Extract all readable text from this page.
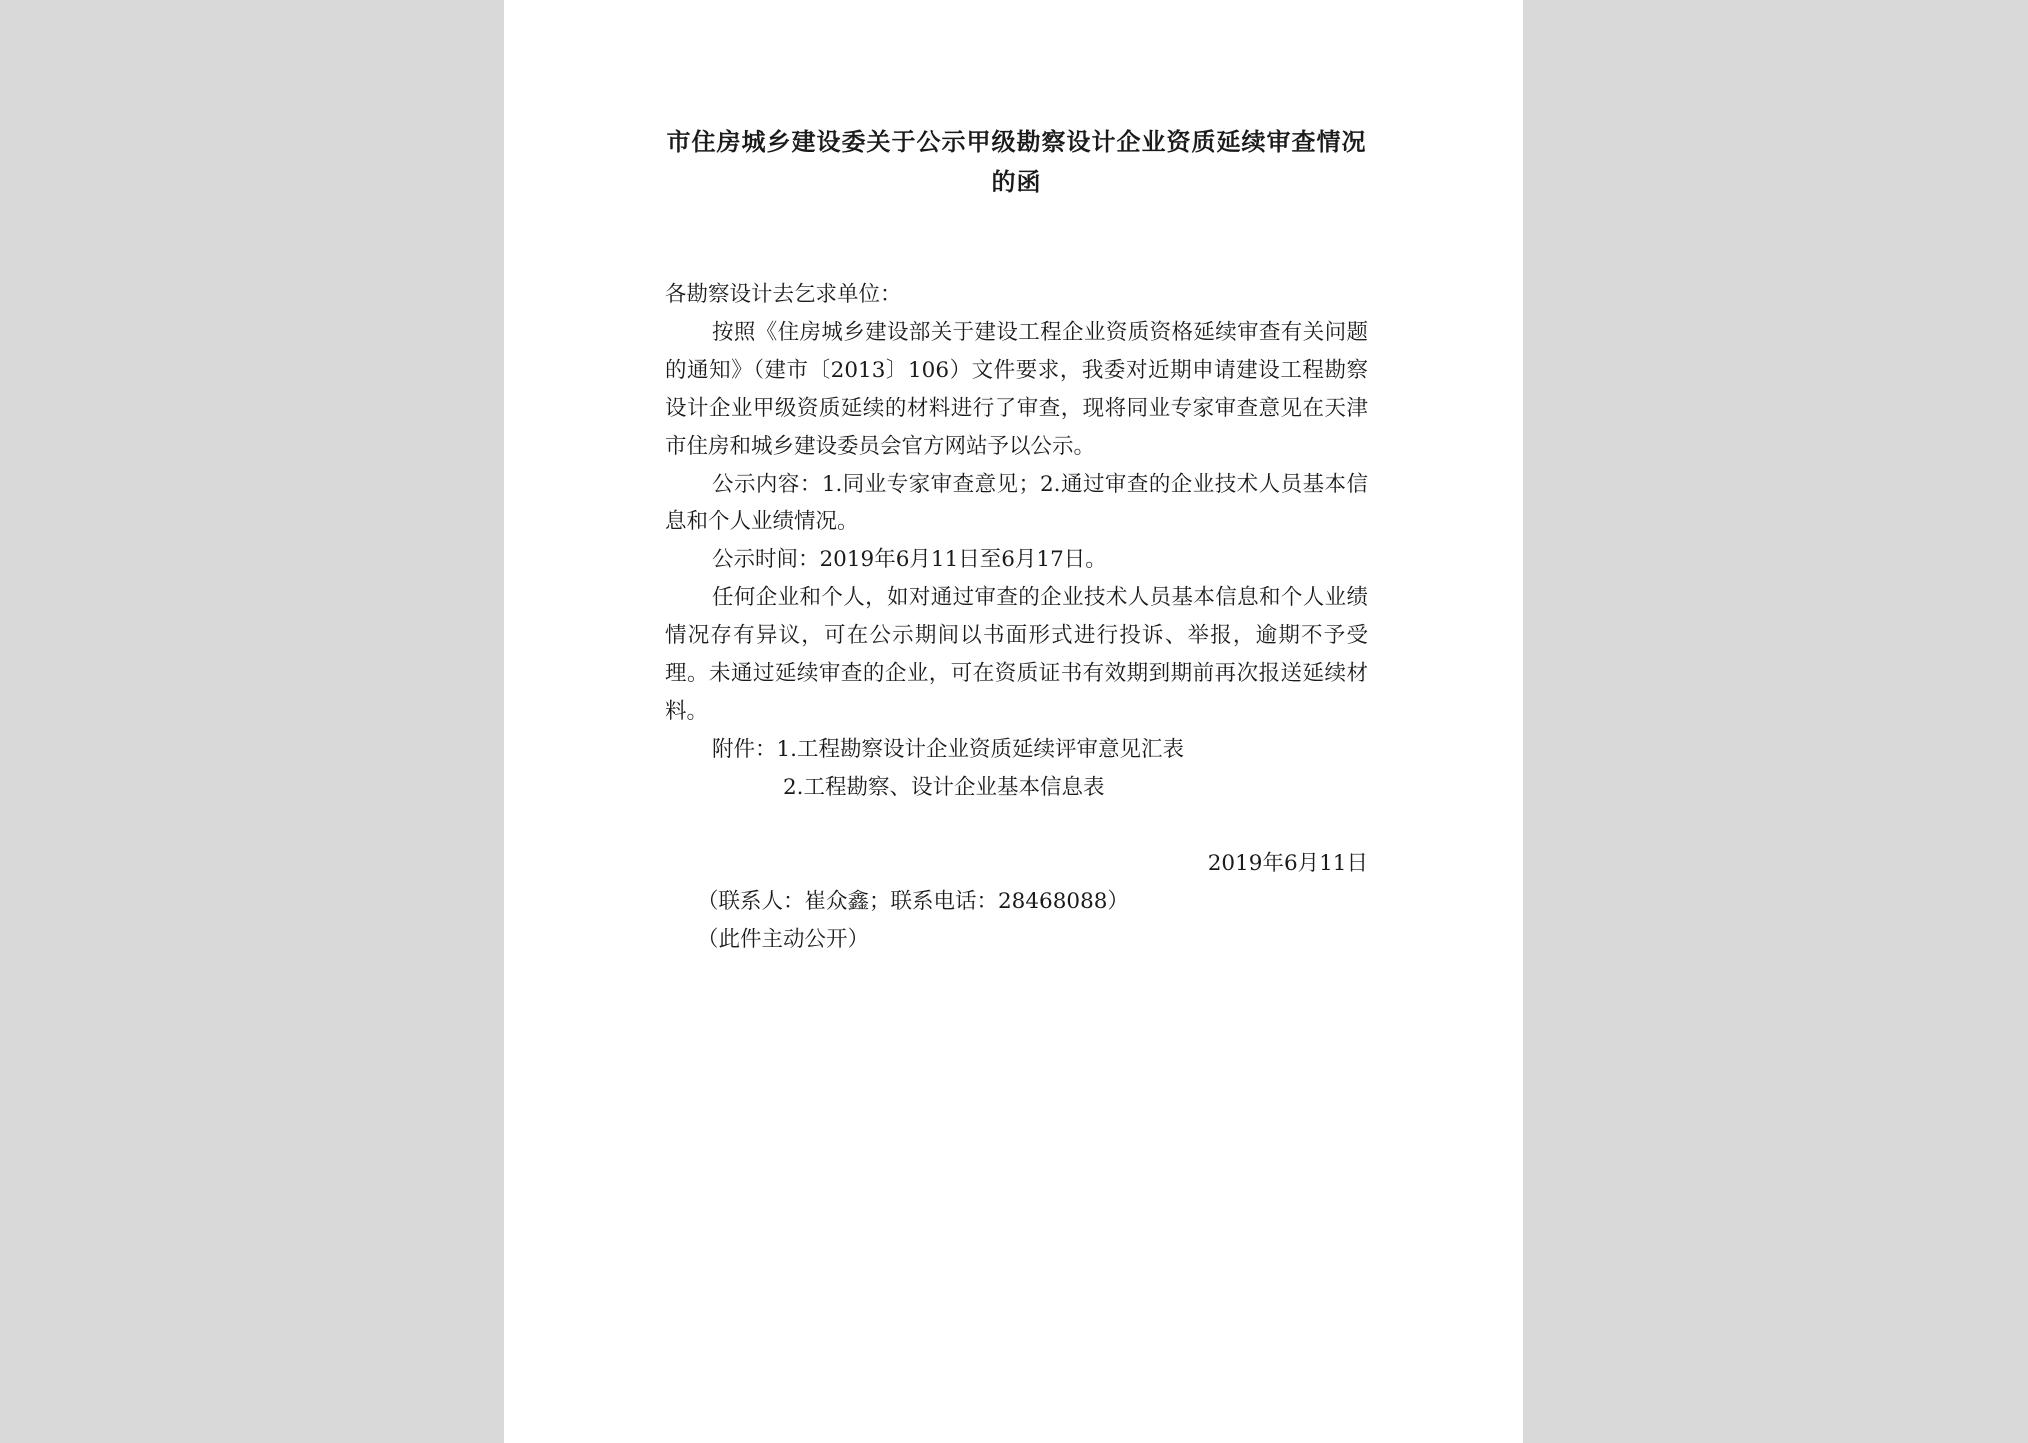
市住房城乡建设委关于公示甲级勘察设计企业资质延续审查情况的函

各勘察设计去乞求单位：

按照《住房城乡建设部关于建设工程企业资质资格延续审查有关问题的通知》（建市〔2013〕106）文件要求，我委对近期申请建设工程勘察设计企业甲级资质延续的材料进行了审查，现将同业专家审查意见在天津市住房和城乡建设委员会官方网站予以公示。

公示内容：1.同业专家审查意见；2.通过审查的企业技术人员基本信息和个人业绩情况。

公示时间：2019年6月11日至6月17日。

任何企业和个人，如对通过审查的企业技术人员基本信息和个人业绩情况存有异议，可在公示期间以书面形式进行投诉、举报，逾期不予受理。未通过延续审查的企业，可在资质证书有效期到期前再次报送延续材料。

附件：1.工程勘察设计企业资质延续评审意见汇表

2.工程勘察、设计企业基本信息表

2019年6月11日

（联系人：崔众鑫；联系电话：28468088）

（此件主动公开）
